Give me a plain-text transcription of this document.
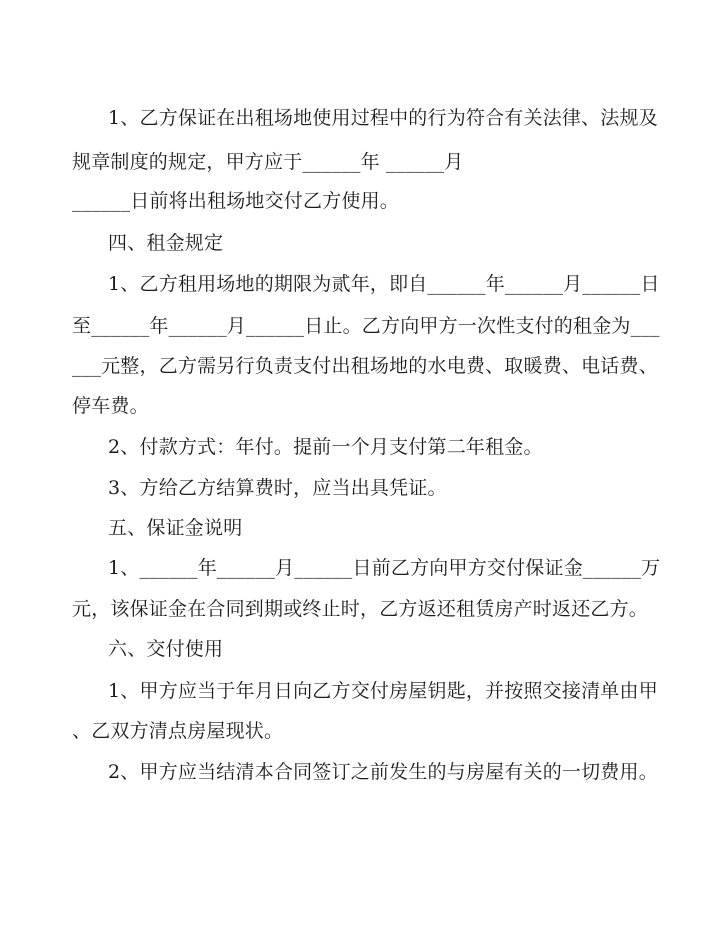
1、乙方保证在出租场地使用过程中的行为符合有关法律、法规及
规章制度的规定，甲方应于______年 ______月
______日前将出租场地交付乙方使用。
四、租金规定
1、乙方租用场地的期限为贰年，即自______年______月______日
至______年______月______日止。乙方向甲方一次性支付的租金为___
___元整，乙方需另行负责支付出租场地的水电费、取暖费、电话费、
停车费。
2、付款方式：年付。提前一个月支付第二年租金。
3、方给乙方结算费时，应当出具凭证。
五、保证金说明
1、______年______月______日前乙方向甲方交付保证金______万
元，该保证金在合同到期或终止时，乙方返还租赁房产时返还乙方。
六、交付使用
1、甲方应当于年月日向乙方交付房屋钥匙，并按照交接清单由甲
、乙双方清点房屋现状。
2、甲方应当结清本合同签订之前发生的与房屋有关的一切费用。
